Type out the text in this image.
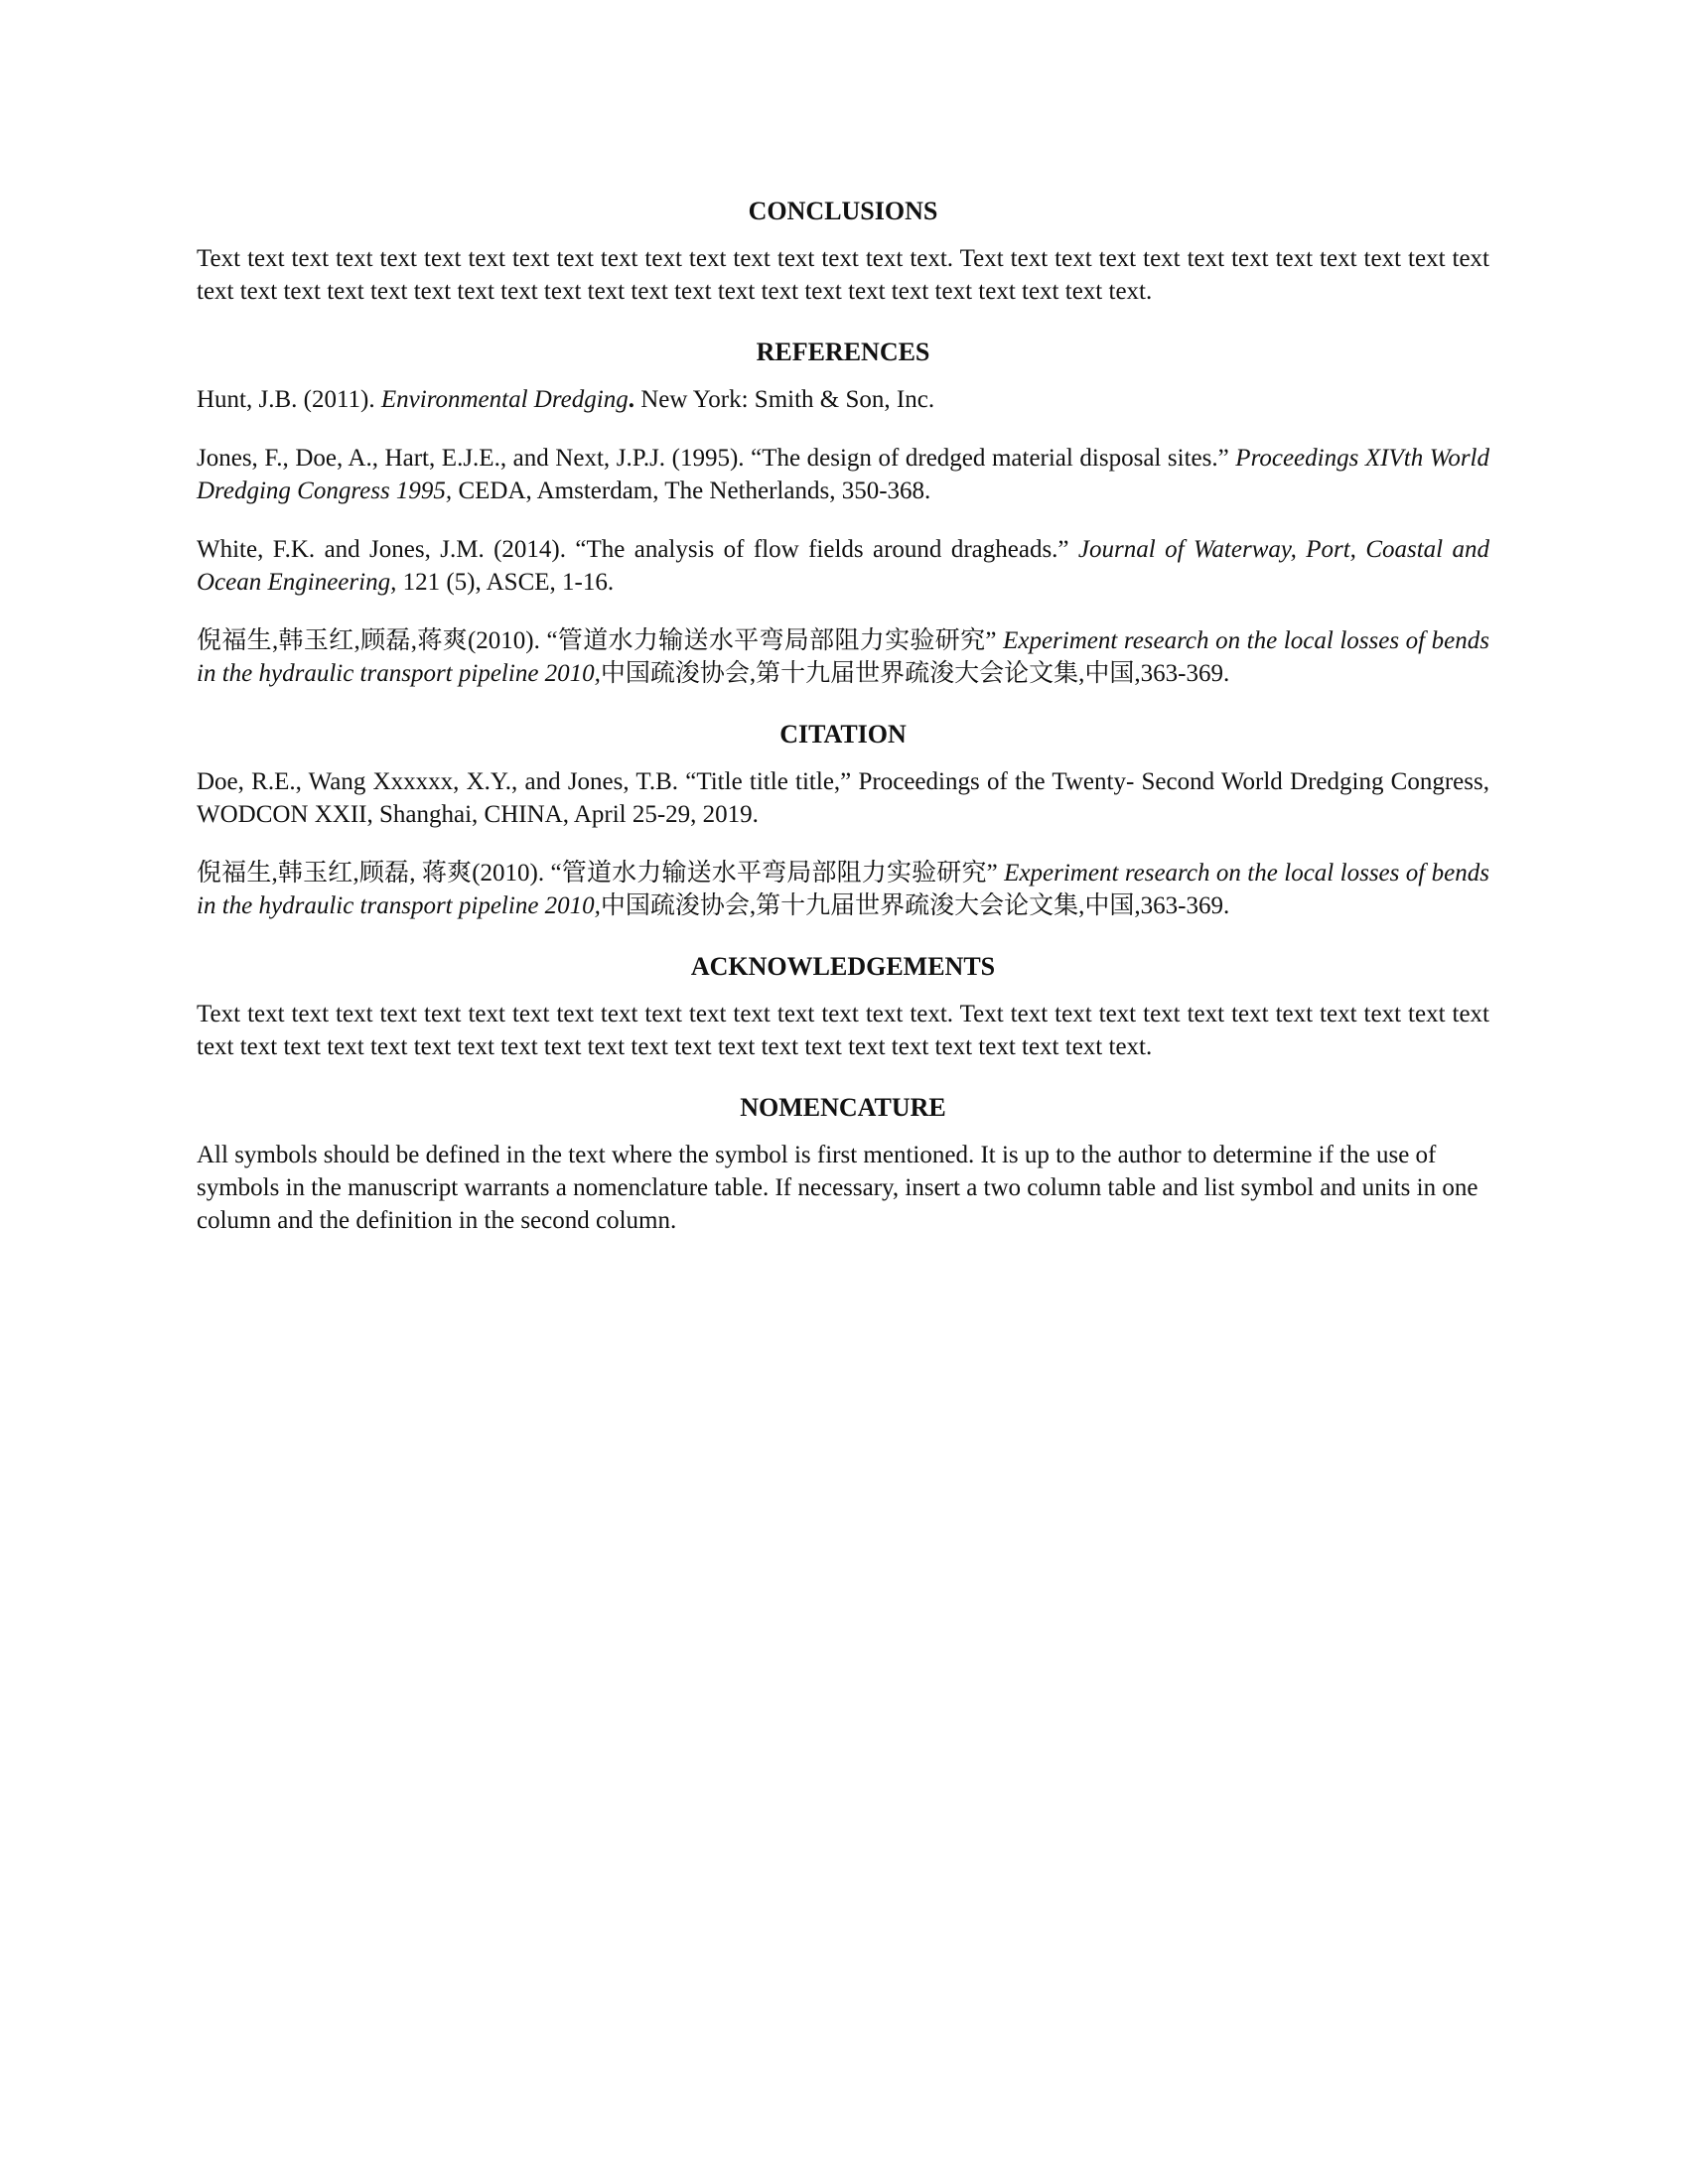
CONCLUSIONS

Text text text text text text text text text text text text text text text text text. Text text text text text text text text text text text text text text text text text text text text text text text text text text text text text text text text text text.

REFERENCES

Hunt, J.B. (2011). Environmental Dredging. New York: Smith & Son, Inc.

Jones, F., Doe, A., Hart, E.J.E., and Next, J.P.J. (1995). “The design of dredged material disposal sites.” Proceedings XIVth World Dredging Congress 1995, CEDA, Amsterdam, The Netherlands, 350-368.

White, F.K. and Jones, J.M. (2014). “The analysis of flow fields around dragheads.” Journal of Waterway, Port, Coastal and Ocean Engineering, 121 (5), ASCE, 1-16.

倪福生,韩玉红,顾磊,蒋爽(2010). “管道水力输送水平弯局部阻力实验研究” Experiment research on the local losses of bends in the hydraulic transport pipeline 2010,中国疏浚协会,第十九届世界疏浚大会论文集,中国,363-369.

CITATION

Doe, R.E., Wang Xxxxxx, X.Y., and Jones, T.B. “Title title title,” Proceedings of the Twenty- Second World Dredging Congress, WODCON XXII, Shanghai, CHINA, April 25-29, 2019.

倪福生,韩玉红,顾磊, 蒋爽(2010). “管道水力输送水平弯局部阻力实验研究” Experiment research on the local losses of bends in the hydraulic transport pipeline 2010,中国疏浚协会,第十九届世界疏浚大会论文集,中国,363-369.

ACKNOWLEDGEMENTS

Text text text text text text text text text text text text text text text text text. Text text text text text text text text text text text text text text text text text text text text text text text text text text text text text text text text text text.

NOMENCATURE

All symbols should be defined in the text where the symbol is first mentioned. It is up to the author to determine if the use of symbols in the manuscript warrants a nomenclature table. If necessary, insert a two column table and list symbol and units in one column and the definition in the second column.
